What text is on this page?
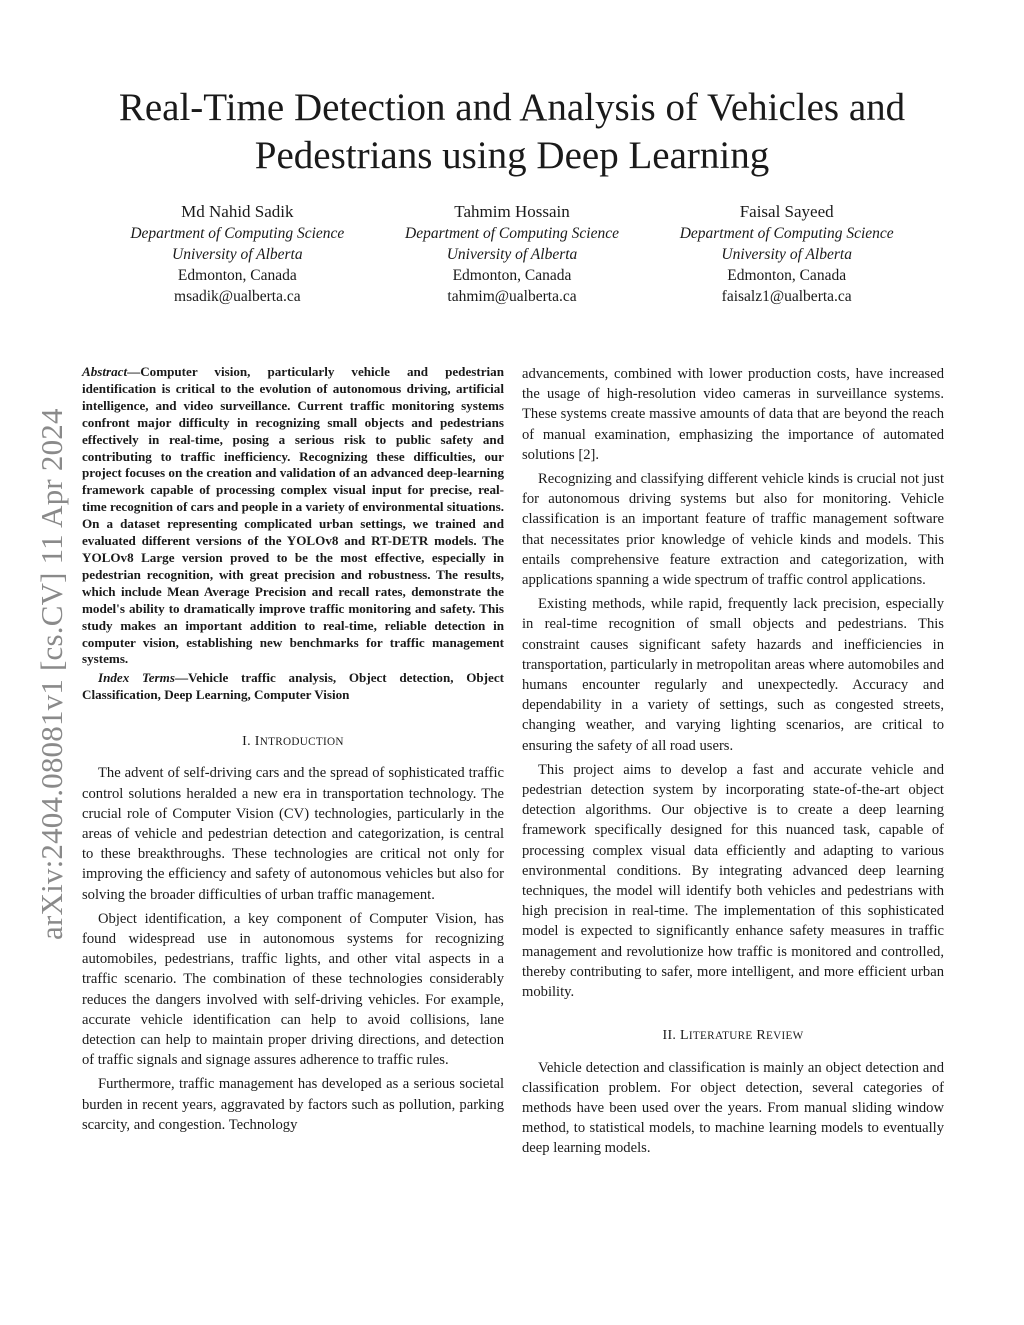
Real-Time Detection and Analysis of Vehicles and Pedestrians using Deep Learning
Md Nahid Sadik
Department of Computing Science
University of Alberta
Edmonton, Canada
msadik@ualberta.ca
Tahmim Hossain
Department of Computing Science
University of Alberta
Edmonton, Canada
tahmim@ualberta.ca
Faisal Sayeed
Department of Computing Science
University of Alberta
Edmonton, Canada
faisalz1@ualberta.ca
arXiv:2404.08081v1 [cs.CV] 11 Apr 2024

Abstract—Computer vision, particularly vehicle and pedestrian identification is critical to the evolution of autonomous driving, artificial intelligence, and video surveillance. Current traffic monitoring systems confront major difficulty in recognizing small objects and pedestrians effectively in real-time, posing a serious risk to public safety and contributing to traffic inefficiency. Recognizing these difficulties, our project focuses on the creation and validation of an advanced deep-learning framework capable of processing complex visual input for precise, real-time recognition of cars and people in a variety of environmental situations. On a dataset representing complicated urban settings, we trained and evaluated different versions of the YOLOv8 and RT-DETR models. The YOLOv8 Large version proved to be the most effective, especially in pedestrian recognition, with great precision and robustness. The results, which include Mean Average Precision and recall rates, demonstrate the model's ability to dramatically improve traffic monitoring and safety. This study makes an important addition to real-time, reliable detection in computer vision, establishing new benchmarks for traffic management systems.

Index Terms—Vehicle traffic analysis, Object detection, Object Classification, Deep Learning, Computer Vision

I. INTRODUCTION

The advent of self-driving cars and the spread of sophisticated traffic control solutions heralded a new era in transportation technology. The crucial role of Computer Vision (CV) technologies, particularly in the areas of vehicle and pedestrian detection and categorization, is central to these breakthroughs. These technologies are critical not only for improving the efficiency and safety of autonomous vehicles but also for solving the broader difficulties of urban traffic management.

Object identification, a key component of Computer Vision, has found widespread use in autonomous systems for recognizing automobiles, pedestrians, traffic lights, and other vital aspects in a traffic scenario. The combination of these technologies considerably reduces the dangers involved with self-driving vehicles. For example, accurate vehicle identification can help to avoid collisions, lane detection can help to maintain proper driving directions, and detection of traffic signals and signage assures adherence to traffic rules.

Furthermore, traffic management has developed as a serious societal burden in recent years, aggravated by factors such as pollution, parking scarcity, and congestion. Technology

advancements, combined with lower production costs, have increased the usage of high-resolution video cameras in surveillance systems. These systems create massive amounts of data that are beyond the reach of manual examination, emphasizing the importance of automated solutions [2].

Recognizing and classifying different vehicle kinds is crucial not just for autonomous driving systems but also for monitoring. Vehicle classification is an important feature of traffic management software that necessitates prior knowledge of vehicle kinds and models. This entails comprehensive feature extraction and categorization, with applications spanning a wide spectrum of traffic control applications.

Existing methods, while rapid, frequently lack precision, especially in real-time recognition of small objects and pedestrians. This constraint causes significant safety hazards and inefficiencies in transportation, particularly in metropolitan areas where automobiles and humans encounter regularly and unexpectedly. Accuracy and dependability in a variety of settings, such as congested streets, changing weather, and varying lighting scenarios, are critical to ensuring the safety of all road users.

This project aims to develop a fast and accurate vehicle and pedestrian detection system by incorporating state-of-the-art object detection algorithms. Our objective is to create a deep learning framework specifically designed for this nuanced task, capable of processing complex visual data efficiently and adapting to various environmental conditions. By integrating advanced deep learning techniques, the model will identify both vehicles and pedestrians with high precision in real-time. The implementation of this sophisticated model is expected to significantly enhance safety measures in traffic management and revolutionize how traffic is monitored and controlled, thereby contributing to safer, more intelligent, and more efficient urban mobility.

II. LITERATURE REVIEW

Vehicle detection and classification is mainly an object detection and classification problem. For object detection, several categories of methods have been used over the years. From manual sliding window method, to statistical models, to machine learning models to eventually deep learning models.
